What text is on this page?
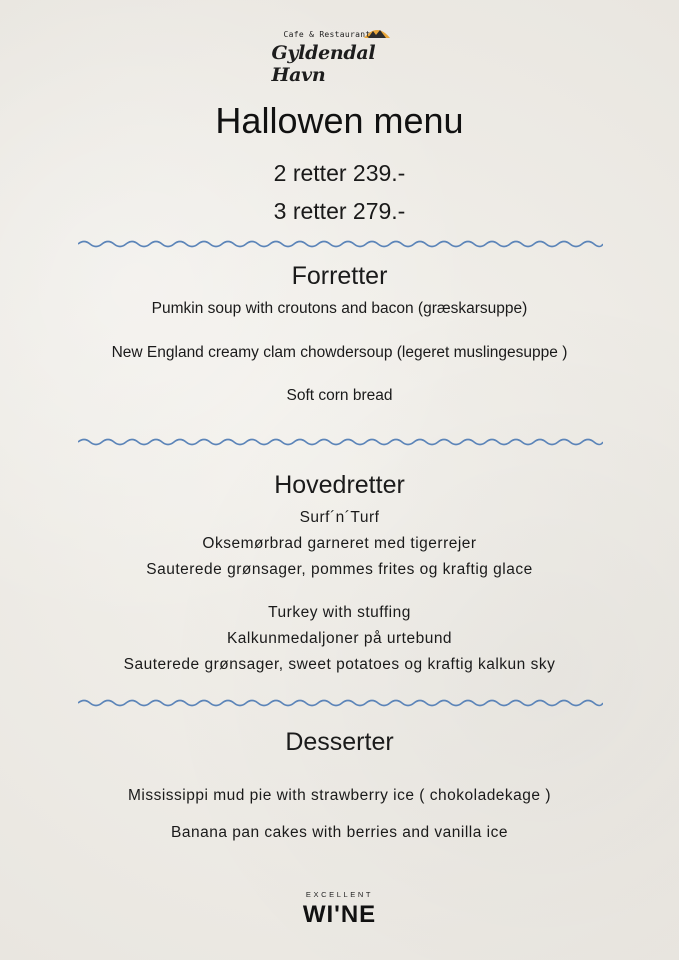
Cafe & Restaurant
Gyldendal Havn
Hallowen menu
2 retter 239.-
3 retter 279.-
Forretter
Pumkin soup with croutons and bacon (græskarsuppe)
New England creamy clam chowdersoup (legeret muslingesuppe )
Soft corn bread
Hovedretter
Surf´n´Turf
Oksemørbrad garneret med tigerrejer
Sauterede grønsager, pommes frites og kraftig glace
Turkey with stuffing
Kalkunmedaljoner på urtebund
Sauterede grønsager, sweet potatoes og kraftig kalkun sky
Desserter
Mississippi mud pie with strawberry ice ( chokoladekage )
Banana pan cakes with berries and vanilla ice
EXCELLENT
WI'NE
